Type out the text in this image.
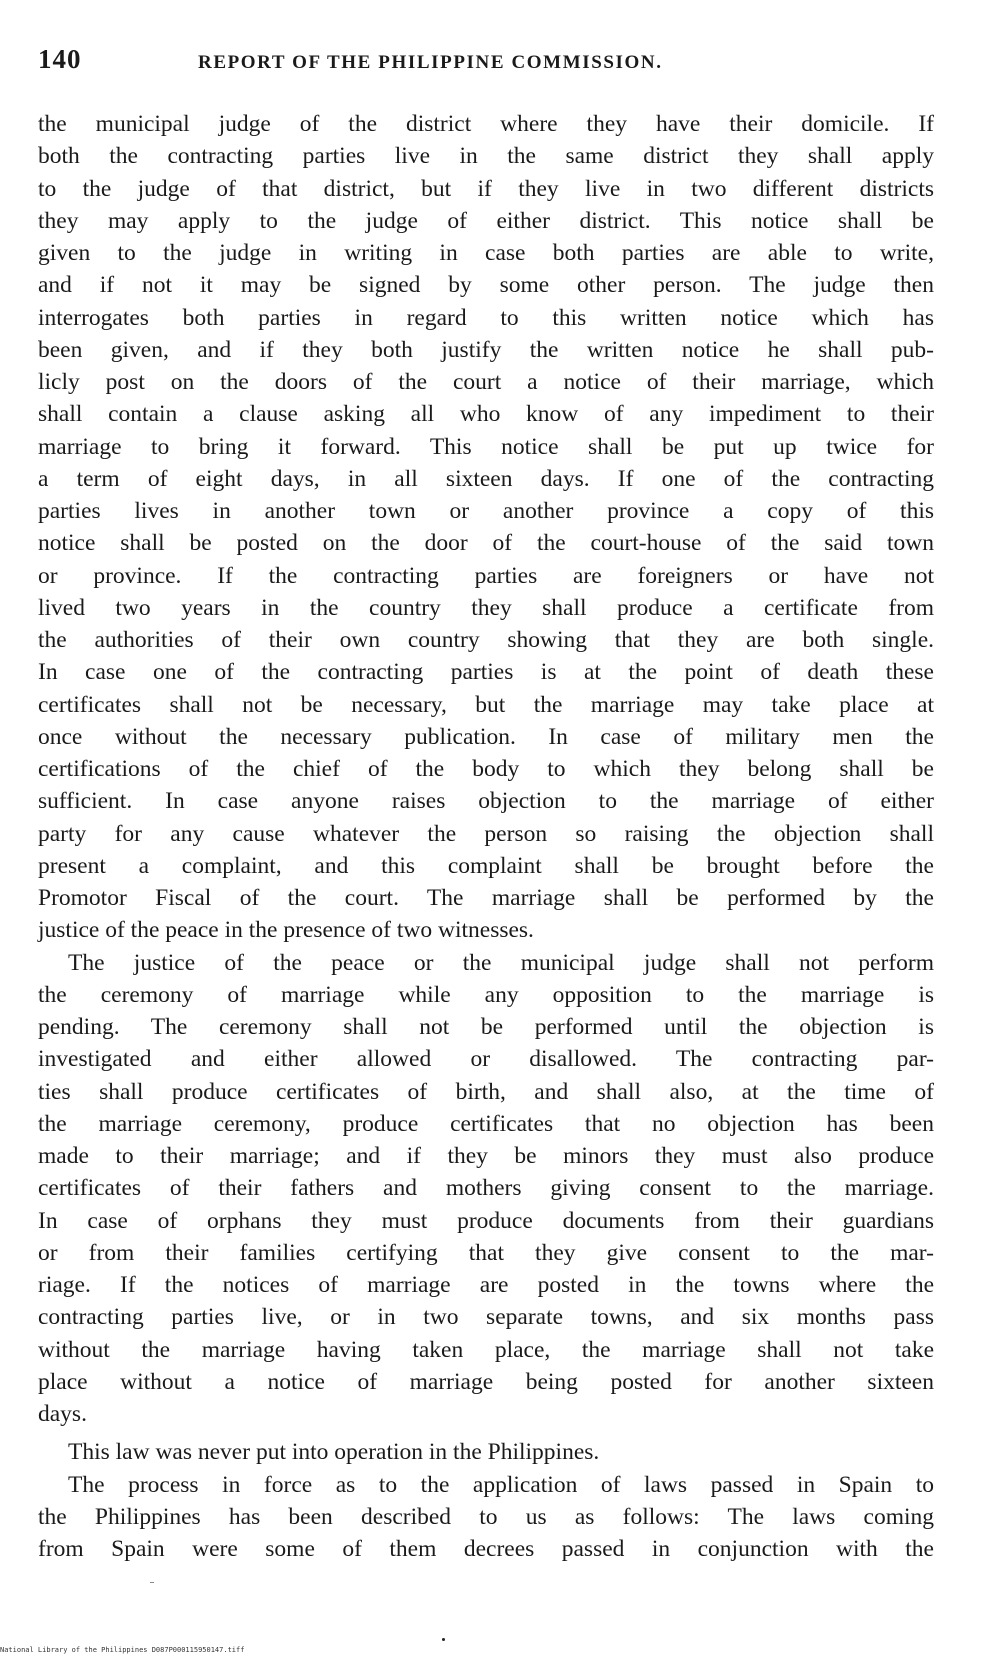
140	REPORT OF THE PHILIPPINE COMMISSION.
the municipal judge of the district where they have their domicile. If
both the contracting parties live in the same district they shall apply
to the judge of that district, but if they live in two different districts
they may apply to the judge of either district. This notice shall be
given to the judge in writing in case both parties are able to write,
and if not it may be signed by some other person. The judge then
interrogates both parties in regard to this written notice which has
been given, and if they both justify the written notice he shall pub-
licly post on the doors of the court a notice of their marriage, which
shall contain a clause asking all who know of any impediment to their
marriage to bring it forward. This notice shall be put up twice for
a term of eight days, in all sixteen days. If one of the contracting
parties lives in another town or another province a copy of this
notice shall be posted on the door of the court-house of the said town
or province. If the contracting parties are foreigners or have not
lived two years in the country they shall produce a certificate from
the authorities of their own country showing that they are both single.
In case one of the contracting parties is at the point of death these
certificates shall not be necessary, but the marriage may take place at
once without the necessary publication. In case of military men the
certifications of the chief of the body to which they belong shall be
sufficient. In case anyone raises objection to the marriage of either
party for any cause whatever the person so raising the objection shall
present a complaint, and this complaint shall be brought before the
Promotor Fiscal of the court. The marriage shall be performed by the
justice of the peace in the presence of two witnesses.
The justice of the peace or the municipal judge shall not perform
the ceremony of marriage while any opposition to the marriage is
pending. The ceremony shall not be performed until the objection is
investigated and either allowed or disallowed. The contracting par-
ties shall produce certificates of birth, and shall also, at the time of
the marriage ceremony, produce certificates that no objection has been
made to their marriage; and if they be minors they must also produce
certificates of their fathers and mothers giving consent to the marriage.
In case of orphans they must produce documents from their guardians
or from their families certifying that they give consent to the mar-
riage. If the notices of marriage are posted in the towns where the
contracting parties live, or in two separate towns, and six months pass
without the marriage having taken place, the marriage shall not take
place without a notice of marriage being posted for another sixteen
days.
This law was never put into operation in the Philippines.
The process in force as to the application of laws passed in Spain to
the Philippines has been described to us as follows: The laws coming
from Spain were some of them decrees passed in conjunction with the
National Library of the Philippines D087P000115950147.tiff
